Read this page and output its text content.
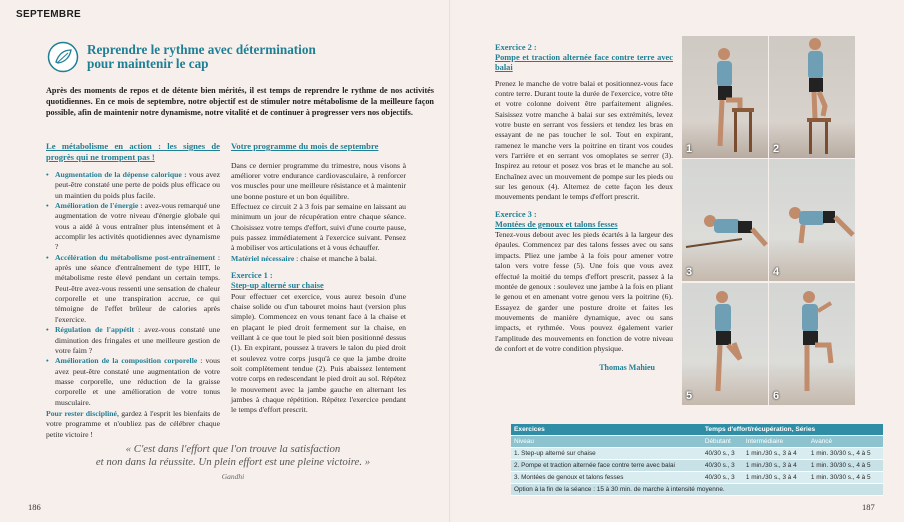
SEPTEMBRE
Reprendre le rythme avec détermination
pour maintenir le cap
Après des moments de repos et de détente bien mérités, il est temps de reprendre le rythme de nos activités quotidiennes. En ce mois de septembre, notre objectif est de stimuler notre métabolisme de la meilleure façon possible, afin de maintenir notre dynamisme, notre vitalité et de continuer à progresser vers nos objectifs.
Le métabolisme en action : les signes de progrès qui ne trompent pas !
• Augmentation de la dépense calorique : vous avez peut-être constaté une perte de poids plus efficace ou un maintien du poids plus facile.
• Amélioration de l'énergie : avez-vous remarqué une augmentation de votre niveau d'énergie globale qui vous a aidé à vous entraîner plus intensément et à accomplir les activités quotidiennes avec dynamisme ?
• Accélération du métabolisme post-entraînement : après une séance d'entraînement de type HIIT, le métabolisme reste élevé pendant un certain temps. Peut-être avez-vous ressenti une sensation de chaleur corporelle et une transpiration accrue, ce qui témoigne de l'effet brûleur de calories après l'exercice.
• Régulation de l'appétit : avez-vous constaté une diminution des fringales et une meilleure gestion de votre faim ?
• Amélioration de la composition corporelle : vous avez peut-être constaté une augmentation de votre masse corporelle, une réduction de la graisse corporelle et une amélioration de votre tonus musculaire.

Pour rester discipliné, gardez à l'esprit les bienfaits de votre programme et n'oubliez pas de célébrer chaque petite victoire !

Votre programme du mois de septembre

Dans ce dernier programme du trimestre, nous visons à améliorer votre endurance cardiovasculaire, à renforcer vos muscles pour une meilleure résistance et à maintenir une bonne posture et un bon équilibre.

Effectuez ce circuit 2 à 3 fois par semaine en laissant au minimum un jour de récupération entre chaque séance. Choisissez votre temps d'effort, suivi d'une courte pause, puis passez immédiatement à l'exercice suivant. Pensez à mobiliser vos articulations et à vous échauffer.

Matériel nécessaire : chaise et manche à balai.

Exercice 1 :
Step-up alterné sur chaise

Pour effectuer cet exercice, vous aurez besoin d'une chaise solide ou d'un tabouret moins haut (version plus simple). Commencez en vous tenant face à la chaise et en plaçant le pied droit fermement sur la chaise, en veillant à ce que tout le pied soit bien positionné dessus (1). En expirant, poussez à travers le talon du pied droit et soulevez votre corps jusqu'à ce que la jambe droite soit complètement tendue (2). Puis abaissez lentement votre corps en redescendant le pied droit au sol. Répétez le mouvement avec la jambe gauche en alternant les jambes à chaque répétition. Répétez l'exercice pendant le temps d'effort prescrit.

« C'est dans l'effort que l'on trouve la satisfaction
et non dans la réussite. Un plein effort est une pleine victoire. »
Gandhi
186
Exercice 2 :
Pompe et traction alternée face contre terre avec balai

Prenez le manche de votre balai et positionnez-vous face contre terre. Durant toute la durée de l'exercice, votre tête et votre colonne doivent être parfaitement alignées. Saisissez votre manche à balai sur ses extrémités, levez votre buste en serrant vos fessiers et tendez les bras en essayant de ne pas toucher le sol. Tout en expirant, ramenez le manche vers la poitrine en tirant vos coudes vers l'arrière et en serrant vos omoplates se serrer (3). Inspirez au retour et posez vos bras et le manche au sol. Enchaînez avec un mouvement de pompe sur les pieds ou sur les genoux (4). Alternez de cette façon les deux mouvements pendant le temps d'effort prescrit.

Exercice 3 :
Montées de genoux et talons fesses

Tenez-vous debout avec les pieds écartés à la largeur des épaules. Commencez par des talons fesses avec ou sans impacts. Pliez une jambe à la fois pour amener votre talon vers votre fesse (5). Une fois que vous avez effectué la moitié du temps d'effort prescrit, passez à la montée de genoux : soulevez une jambe à la fois en pliant le genou et en amenant votre genou vers la poitrine (6). Essayez de garder une posture droite et faites les mouvements de manière dynamique, avec ou sans impacts, et rythmée. Vous pouvez également varier l'amplitude des mouvements en fonction de votre niveau de confort et de votre condition physique.

Thomas Mahieu
1	2
3	4
5	6
Exercices	Temps d'effort/récupération, Séries		
Niveau	Débutant	Intermédiaire	Avancé
1. Step-up alterné sur chaise	40/30 s., 3	1 min./30 s., 3 à 4	1 min. 30/30 s., 4 à 5
2. Pompe et traction alternée face contre terre avec balai	40/30 s., 3	1 min./30 s., 3 à 4	1 min. 30/30 s., 4 à 5
3. Montées de genoux et talons fesses	40/30 s., 3	1 min./30 s., 3 à 4	1 min. 30/30 s., 4 à 5
Option à la fin de la séance : 15 à 30 min. de marche à intensité moyenne.			
187
